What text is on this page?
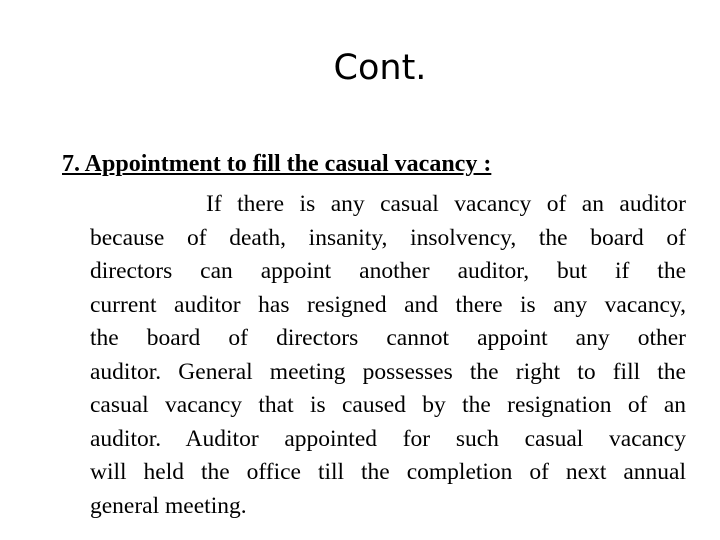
Cont.
7. Appointment to fill the casual vacancy :
If there is any casual vacancy of an auditor
because of death, insanity, insolvency, the board of
directors can appoint another auditor, but if the
current auditor has resigned and there is any vacancy,
the board of directors cannot appoint any other
auditor. General meeting possesses the right to fill the
casual vacancy that is caused by the resignation of an
auditor. Auditor appointed for such casual vacancy
will held the office till the completion of next annual
general meeting.
